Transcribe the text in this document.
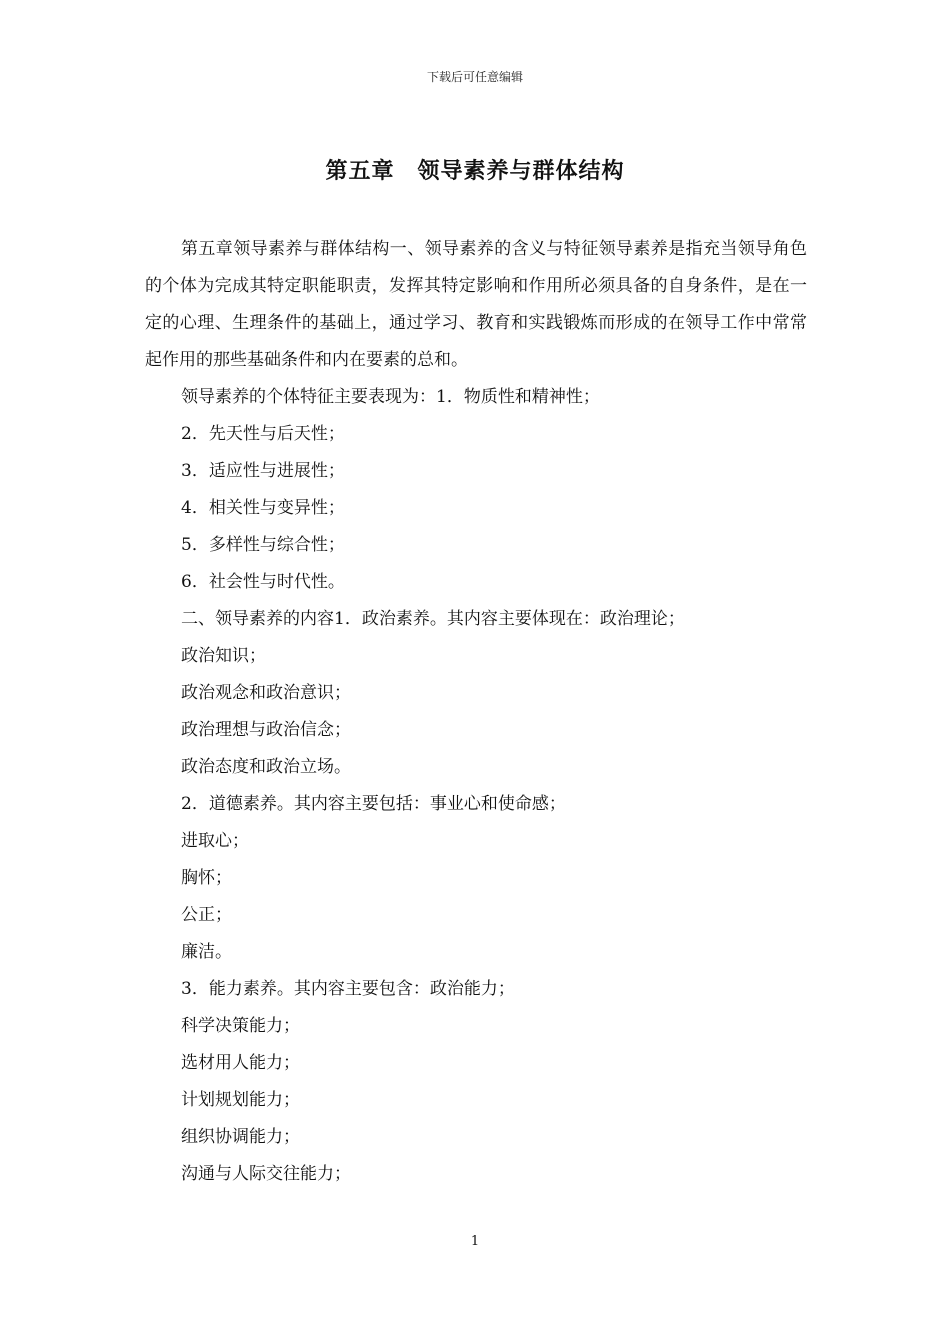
下载后可任意编辑
第五章　领导素养与群体结构

第五章领导素养与群体结构一、领导素养的含义与特征领导素养是指充当领导角色的个体为完成其特定职能职责，发挥其特定影响和作用所必须具备的自身条件，是在一定的心理、生理条件的基础上，通过学习、教育和实践锻炼而形成的在领导工作中常常起作用的那些基础条件和内在要素的总和。

领导素养的个体特征主要表现为：1．物质性和精神性；

2．先天性与后天性；

3．适应性与进展性；

4．相关性与变异性；

5．多样性与综合性；

6．社会性与时代性。

二、领导素养的内容1．政治素养。其内容主要体现在：政治理论；

政治知识；

政治观念和政治意识；

政治理想与政治信念；

政治态度和政治立场。

2．道德素养。其内容主要包括：事业心和使命感；

进取心；

胸怀；

公正；

廉洁。

3．能力素养。其内容主要包含：政治能力；

科学决策能力；

选材用人能力；

计划规划能力；

组织协调能力；

沟通与人际交往能力；

1
